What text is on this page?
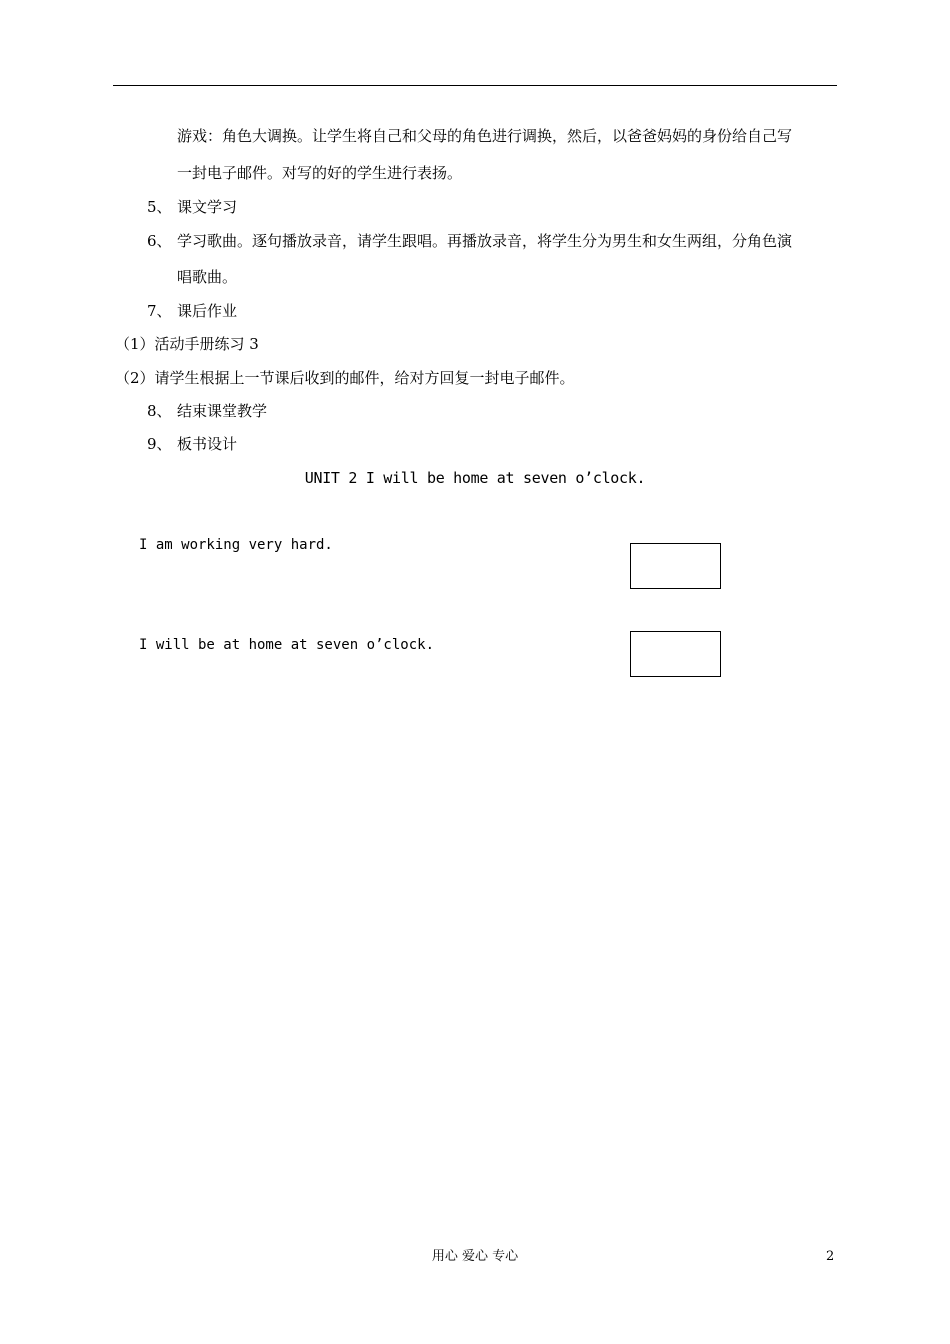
游戏：角色大调换。让学生将自己和父母的角色进行调换，然后，以爸爸妈妈的身份给自己写
一封电子邮件。对写的好的学生进行表扬。
5、 课文学习
6、 学习歌曲。逐句播放录音，请学生跟唱。再播放录音，将学生分为男生和女生两组，分角色演
唱歌曲。
7、 课后作业
（1）活动手册练习 3
（2）请学生根据上一节课后收到的邮件，给对方回复一封电子邮件。
8、 结束课堂教学
9、 板书设计
UNIT 2 I will be home at seven o’clock.
I am working very hard.
I will be at home at seven o’clock.
用心 爱心 专心	2
